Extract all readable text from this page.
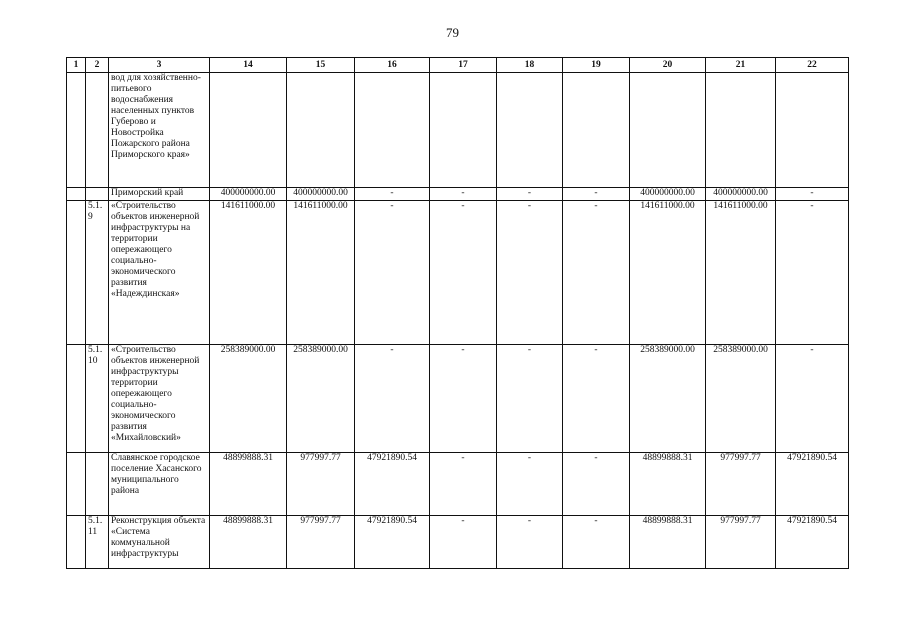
79
1	2	3	14	15	16	17	18	19	20	21	22
		вод для хозяйственно-питьевого водоснабжения населенных пунктов Губерово и Новостройка Пожарского района Приморского края»									
		Приморский край	400000000.00	400000000.00	-	-	-	-	400000000.00	400000000.00	-
	5.1.9	«Строительство объектов инженерной инфраструктуры на территории опережающего социально-экономического развития «Надеждинская»	141611000.00	141611000.00	-	-	-	-	141611000.00	141611000.00	-
	5.1.10	«Строительство объектов инженерной инфраструктуры территории опережающего социально-экономического развития «Михайловский»	258389000.00	258389000.00	-	-	-	-	258389000.00	258389000.00	-
		Славянское городское поселение Хасанского муниципального района	48899888.31	977997.77	47921890.54	-	-	-	48899888.31	977997.77	47921890.54
	5.1.11	Реконструкция объекта «Система коммунальной инфраструктуры	48899888.31	977997.77	47921890.54	-	-	-	48899888.31	977997.77	47921890.54
